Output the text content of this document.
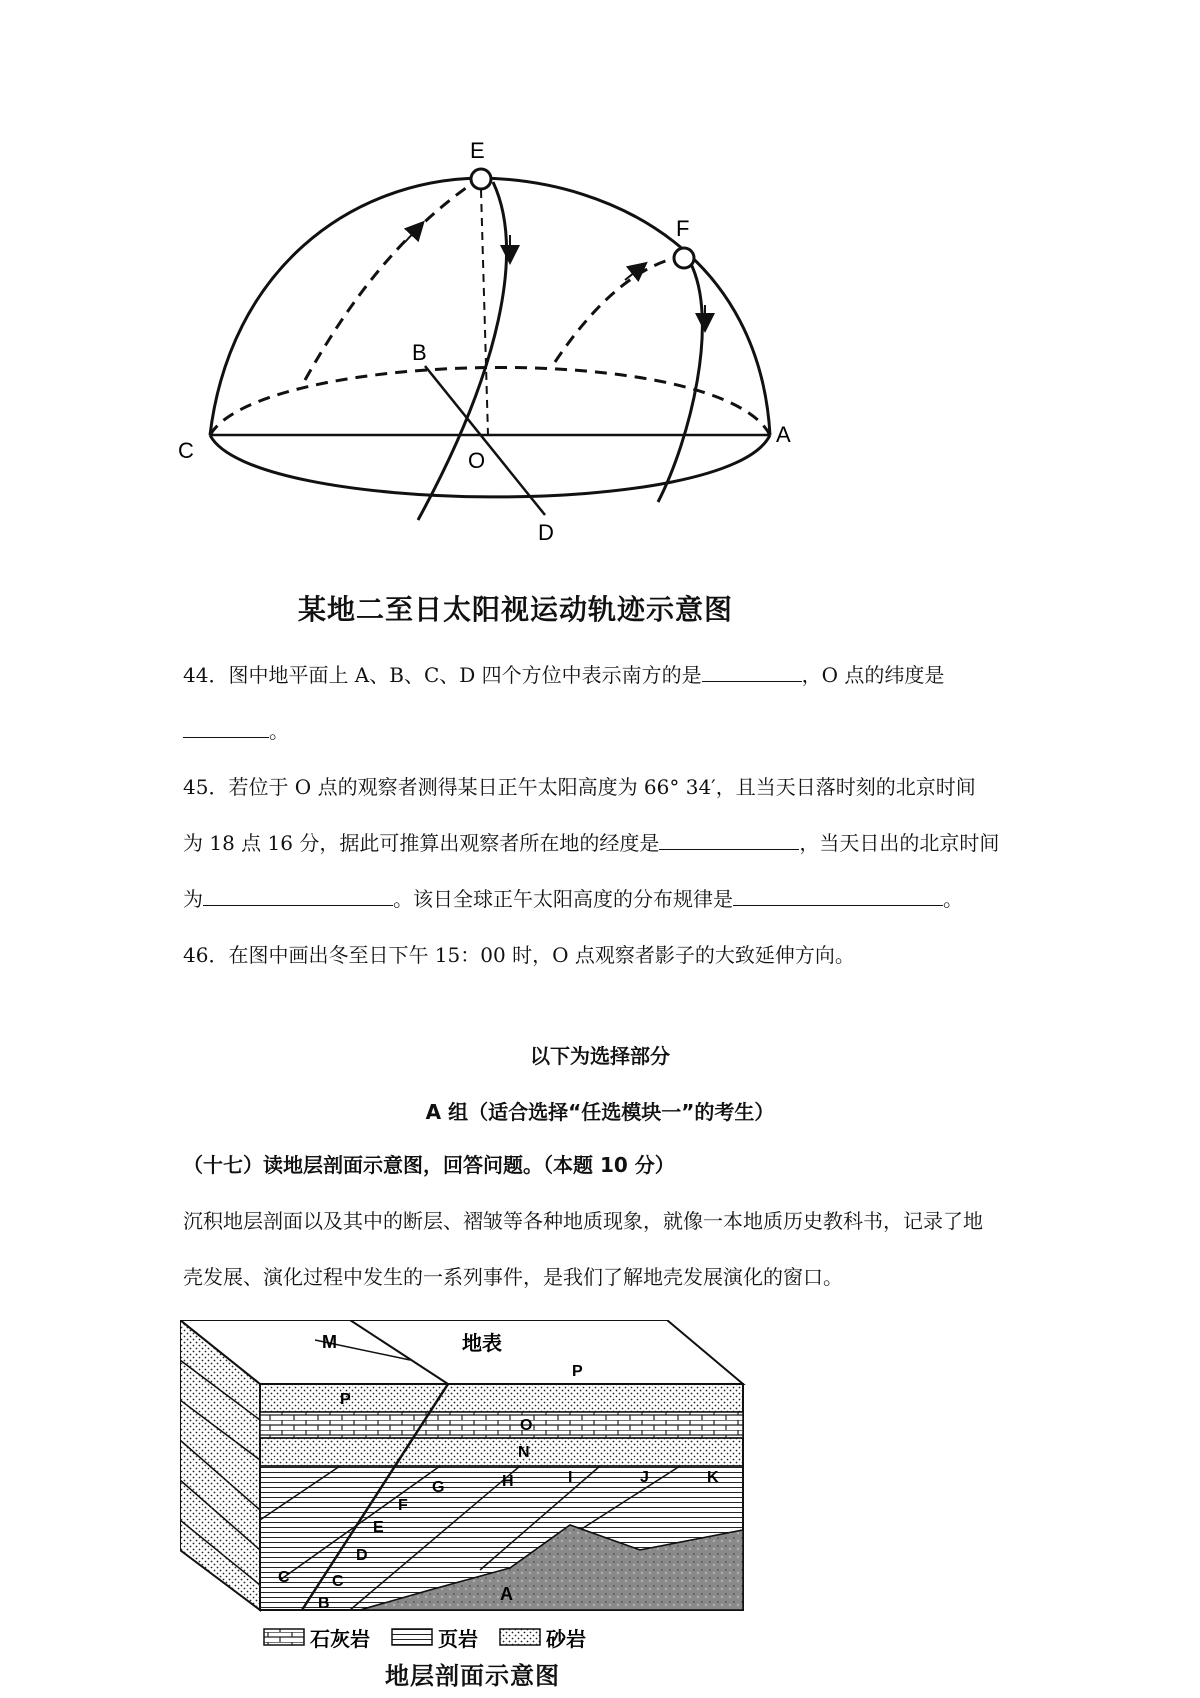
E
F
B
C
A
O
D
某地二至日太阳视运动轨迹示意图
44．图中地平面上 A、B、C、D 四个方位中表示南方的是	，O 点的纬度是
。
45．若位于 O 点的观察者测得某日正午太阳高度为 66° 34′，且当天日落时刻的北京时间
为 18 点 16 分，据此可推算出观察者所在地的经度是	，当天日出的北京时间
为	。该日全球正午太阳高度的分布规律是	。
46．在图中画出冬至日下午 15：00 时，O 点观察者影子的大致延伸方向。
以下为选择部分
A 组（适合选择“任选模块一”的考生）
（十七）读地层剖面示意图，回答问题。（本题 10 分）
沉积地层剖面以及其中的断层、褶皱等各种地质现象，就像一本地质历史教科书，记录了地
壳发展、演化过程中发生的一系列事件，是我们了解地壳发展演化的窗口。
M	地表
P
P
O
N
G	H	I	J	K
F
E
D
C	C
B	A
石灰岩	页岩	砂岩
地层剖面示意图
